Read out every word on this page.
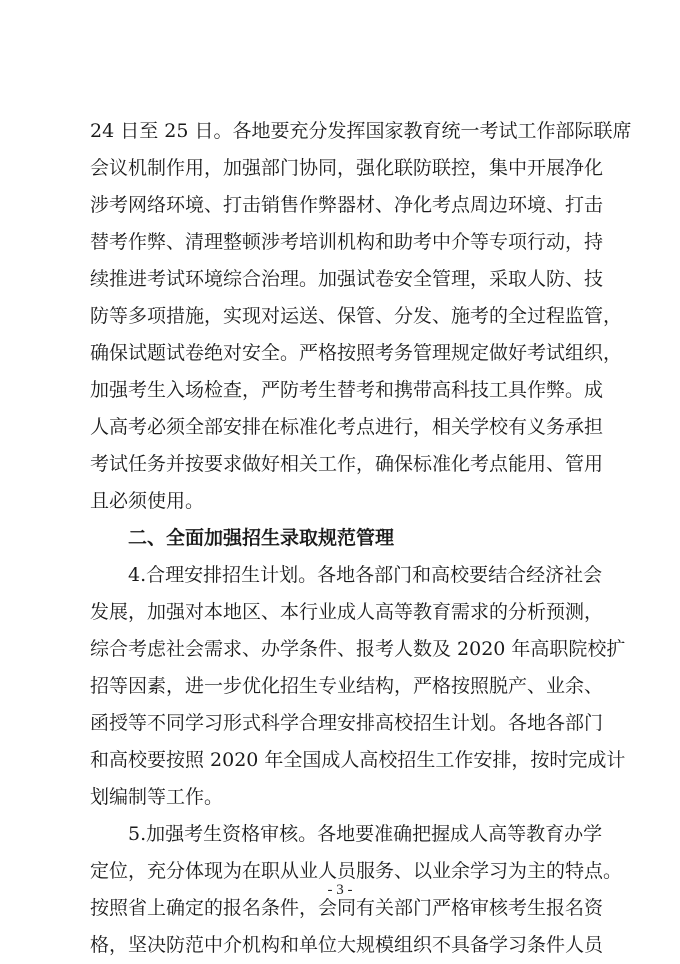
24 日至 25 日。各地要充分发挥国家教育统一考试工作部际联席
会议机制作用，加强部门协同，强化联防联控，集中开展净化
涉考网络环境、打击销售作弊器材、净化考点周边环境、打击
替考作弊、清理整顿涉考培训机构和助考中介等专项行动，持
续推进考试环境综合治理。加强试卷安全管理，采取人防、技
防等多项措施，实现对运送、保管、分发、施考的全过程监管，
确保试题试卷绝对安全。严格按照考务管理规定做好考试组织，
加强考生入场检查，严防考生替考和携带高科技工具作弊。成
人高考必须全部安排在标准化考点进行，相关学校有义务承担
考试任务并按要求做好相关工作，确保标准化考点能用、管用
且必须使用。
二、全面加强招生录取规范管理
4.合理安排招生计划。各地各部门和高校要结合经济社会
发展，加强对本地区、本行业成人高等教育需求的分析预测，
综合考虑社会需求、办学条件、报考人数及 2020 年高职院校扩
招等因素，进一步优化招生专业结构，严格按照脱产、业余、
函授等不同学习形式科学合理安排高校招生计划。各地各部门
和高校要按照 2020 年全国成人高校招生工作安排，按时完成计
划编制等工作。
5.加强考生资格审核。各地要准确把握成人高等教育办学
定位，充分体现为在职从业人员服务、以业余学习为主的特点。
按照省上确定的报名条件，会同有关部门严格审核考生报名资
格，坚决防范中介机构和单位大规模组织不具备学习条件人员
- 3 -
